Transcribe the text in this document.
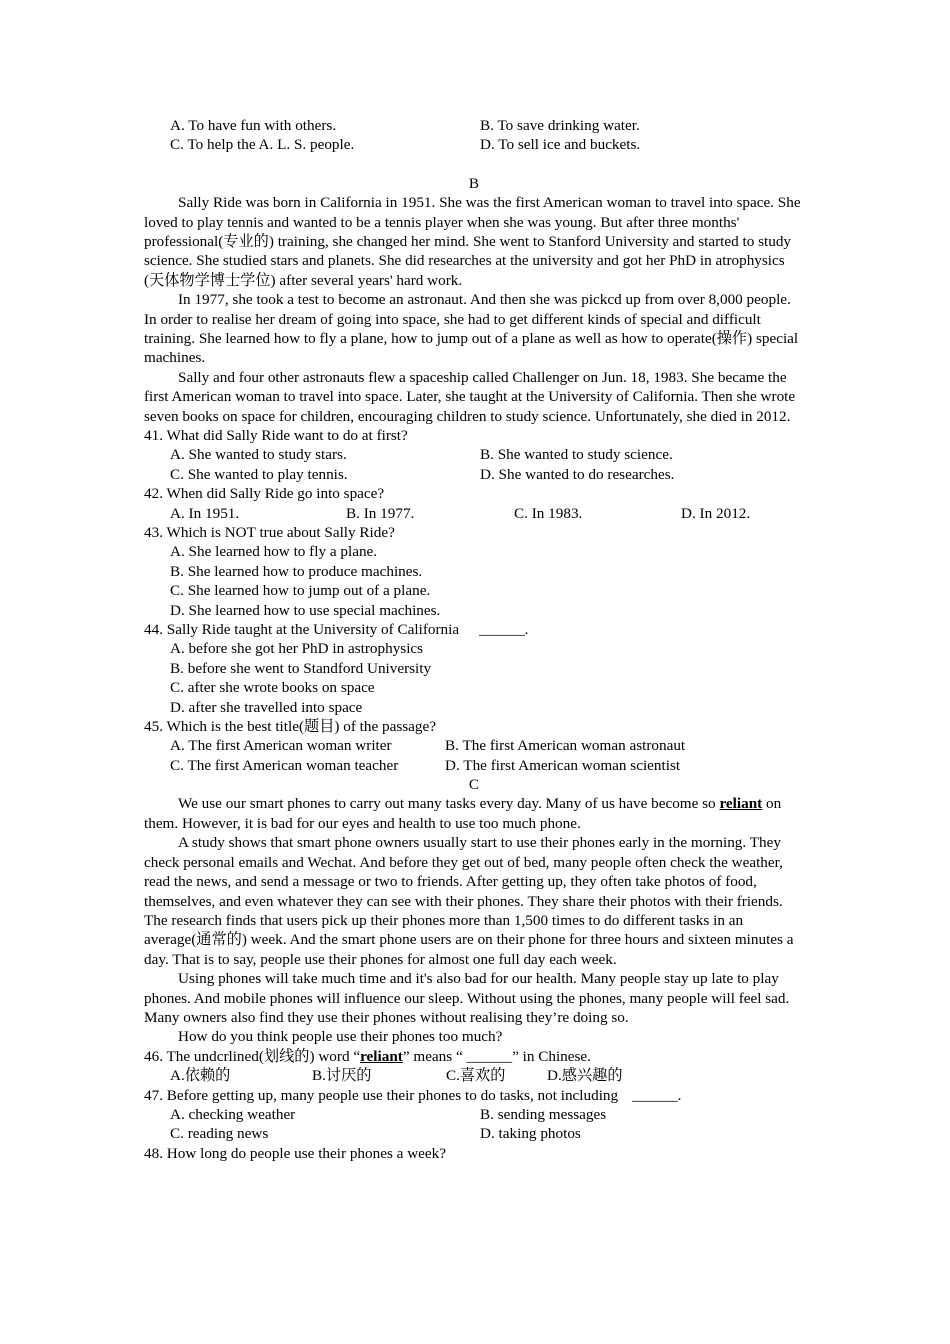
A. To have fun with others.	B. To save drinking water.
C. To help the A. L. S. people.	D. To sell ice and buckets.
B
Sally Ride was born in California in 1951. She was the first American woman to travel into space. She loved to play tennis and wanted to be a tennis player when she was young. But after three months' professional(专业的) training, she changed her mind. She went to Stanford University and started to study science. She studied stars and planets. She did researches at the university and got her PhD in atrophysics (天体物学博士学位) after several years' hard work.
In 1977, she took a test to become an astronaut. And then she was pickcd up from over 8,000 people. In order to realise her dream of going into space, she had to get different kinds of special and difficult training. She learned how to fly a plane, how to jump out of a plane as well as how to operate(操作) special machines.
Sally and four other astronauts flew a spaceship called Challenger on Jun. 18, 1983. She became the first American woman to travel into space. Later, she taught at the University of California. Then she wrote seven books on space for children, encouraging children to study science. Unfortunately, she died in 2012.
41. What did Sally Ride want to do at first?
A. She wanted to study stars.	B. She wanted to study science.
C. She wanted to play tennis.	D. She wanted to do researches.
42. When did Sally Ride go into space?
A. In 1951.	B. In 1977.	C. In 1983.	D. In 2012.
43. Which is NOT true about Sally Ride?
A. She learned how to fly a plane.
B. She learned how to produce machines.
C. She learned how to jump out of a plane.
D. She learned how to use special machines.
44. Sally Ride taught at the University of California ______.
A. before she got her PhD in astrophysics
B. before she went to Standford University
C. after she wrote books on space
D. after she travelled into space
45. Which is the best title(题目) of the passage?
A. The first American woman writer	B. The first American woman astronaut
C. The first American woman teacher	D. The first American woman scientist
C
We use our smart phones to carry out many tasks every day. Many of us have become so reliant on them. However, it is bad for our eyes and health to use too much phone.
A study shows that smart phone owners usually start to use their phones early in the morning. They check personal emails and Wechat. And before they get out of bed, many people often check the weather, read the news, and send a message or two to friends. After getting up, they often take photos of food, themselves, and even whatever they can see with their phones. They share their photos with their friends. The research finds that users pick up their phones more than 1,500 times to do different tasks in an average(通常的) week. And the smart phone users are on their phone for three hours and sixteen minutes a day. That is to say, people use their phones for almost one full day each week.
Using phones will take much time and it's also bad for our health. Many people stay up late to play phones. And mobile phones will influence our sleep. Without using the phones, many people will feel sad. Many owners also find they use their phones without realising they’re doing so.
How do you think people use their phones too much?
46. The undcrlined(划线的) word “reliant” means “ ______” in Chinese.
A.依赖的	B.讨厌的	C.喜欢的	D.感兴趣的
47. Before getting up, many people use their phones to do tasks, not including ______.
A. checking weather	B. sending messages
C. reading news	D. taking photos
48. How long do people use their phones a week?
